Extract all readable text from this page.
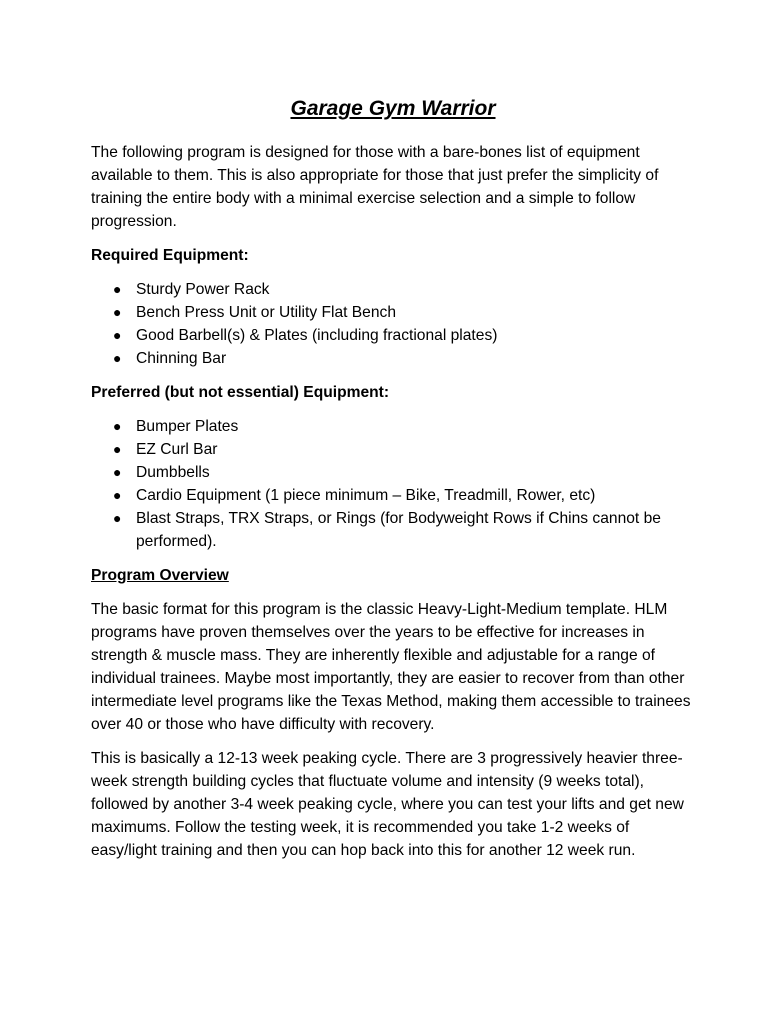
Garage Gym Warrior

The following program is designed for those with a bare-bones list of equipment available to them. This is also appropriate for those that just prefer the simplicity of training the entire body with a minimal exercise selection and a simple to follow progression.

Required Equipment:
● Sturdy Power Rack
● Bench Press Unit or Utility Flat Bench
● Good Barbell(s) & Plates (including fractional plates)
● Chinning Bar
Preferred (but not essential) Equipment:
● Bumper Plates
● EZ Curl Bar
● Dumbbells
● Cardio Equipment (1 piece minimum – Bike, Treadmill, Rower, etc)
● Blast Straps, TRX Straps, or Rings (for Bodyweight Rows if Chins cannot be performed).
Program Overview

The basic format for this program is the classic Heavy-Light-Medium template. HLM programs have proven themselves over the years to be effective for increases in strength & muscle mass. They are inherently flexible and adjustable for a range of individual trainees. Maybe most importantly, they are easier to recover from than other intermediate level programs like the Texas Method, making them accessible to trainees over 40 or those who have difficulty with recovery.

This is basically a 12-13 week peaking cycle. There are 3 progressively heavier three-week strength building cycles that fluctuate volume and intensity (9 weeks total), followed by another 3-4 week peaking cycle, where you can test your lifts and get new maximums. Follow the testing week, it is recommended you take 1-2 weeks of easy/light training and then you can hop back into this for another 12 week run.
